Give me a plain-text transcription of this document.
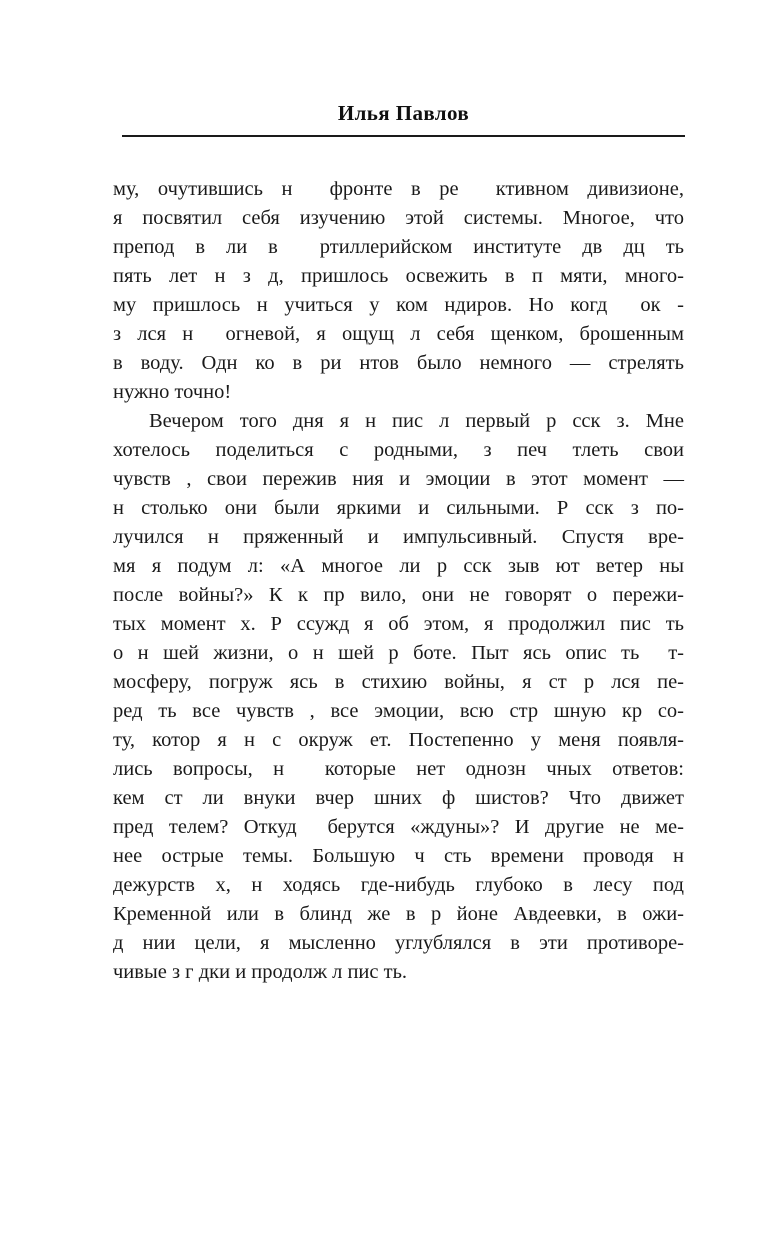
Илья Павлов

му, очутившись н  фронте в ре  ктивном дивизионе,
я посвятил себя изучению этой системы. Многое, что
препод в ли в  ртиллерийском институте дв дц ть
пять лет н з д, пришлось освежить в п мяти, много-
му пришлось н учиться у ком ндиров. Но когд  ок -
з лся н  огневой, я ощущ л себя щенком, брошенным
в воду. Одн ко в ри нтов было немного — стрелять
нужно точно!

Вечером того дня я н пис л первый р сск з. Мне
хотелось поделиться с родными, з печ тлеть свои
чувств , свои пережив ния и эмоции в этот момент —
н столько они были яркими и сильными. Р сск з по-
лучился н пряженный и импульсивный. Спустя вре-
мя я подум л: «А многое ли р сск зыв ют ветер ны
после войны?» К к пр вило, они не говорят о пережи-
тых момент х. Р ссужд я об этом, я продолжил пис ть
о н шей жизни, о н шей р боте. Пыт ясь опис ть  т-
мосферу, погруж ясь в стихию войны, я ст р лся пе-
ред ть все чувств , все эмоции, всю стр шную кр со-
ту, котор я н с окруж ет. Постепенно у меня появля-
лись вопросы, н  которые нет однозн чных ответов:
кем ст ли внуки вчер шних ф шистов? Что движет
пред телем? Откуд  берутся «ждуны»? И другие не ме-
нее острые темы. Большую ч сть времени проводя н
дежурств х, н ходясь где-нибудь глубоко в лесу под
Кременной или в блинд же в р йоне Авдеевки, в ожи-
д нии цели, я мысленно углублялся в эти противоре-
чивые з г дки и продолж л пис ть.
